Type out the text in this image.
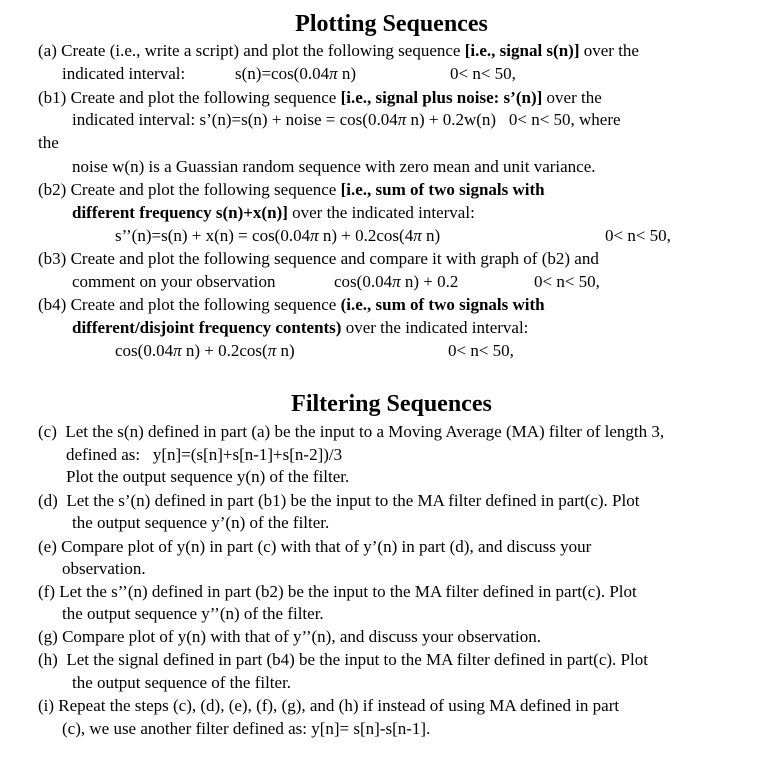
Plotting Sequences
(a) Create (i.e., write a script) and plot the following sequence [i.e., signal s(n)] over the
indicated interval:	s(n)=cos(0.04π n)	0< n< 50,
(b1) Create and plot the following sequence [i.e., signal plus noise: s’(n)] over the
indicated interval: s’(n)=s(n) + noise = cos(0.04π n) + 0.2w(n) 0< n< 50, where
the
noise w(n) is a Guassian random sequence with zero mean and unit variance.
(b2) Create and plot the following sequence [i.e., sum of two signals with
different frequency s(n)+x(n)] over the indicated interval:
s’’(n)=s(n) + x(n) = cos(0.04π n) + 0.2cos(4π n)	0< n< 50,
(b3) Create and plot the following sequence and compare it with graph of (b2) and
comment on your observation	cos(0.04π n) + 0.2	0< n< 50,
(b4) Create and plot the following sequence (i.e., sum of two signals with
different/disjoint frequency contents) over the indicated interval:
cos(0.04π n) + 0.2cos(π n)	0< n< 50,
Filtering Sequences
(c)  Let the s(n) defined in part (a) be the input to a Moving Average (MA) filter of length 3,
defined as:   y[n]=(s[n]+s[n-1]+s[n-2])/3
Plot the output sequence y(n) of the filter.
(d)  Let the s’(n) defined in part (b1) be the input to the MA filter defined in part(c). Plot
the output sequence y’(n) of the filter.
(e) Compare plot of y(n) in part (c) with that of y’(n) in part (d), and discuss your
observation.
(f) Let the s’’(n) defined in part (b2) be the input to the MA filter defined in part(c). Plot
the output sequence y’’(n) of the filter.
(g) Compare plot of y(n) with that of y’’(n), and discuss your observation.
(h)  Let the signal defined in part (b4) be the input to the MA filter defined in part(c). Plot
the output sequence of the filter.
(i) Repeat the steps (c), (d), (e), (f), (g), and (h) if instead of using MA defined in part
(c), we use another filter defined as: y[n]= s[n]-s[n-1].
